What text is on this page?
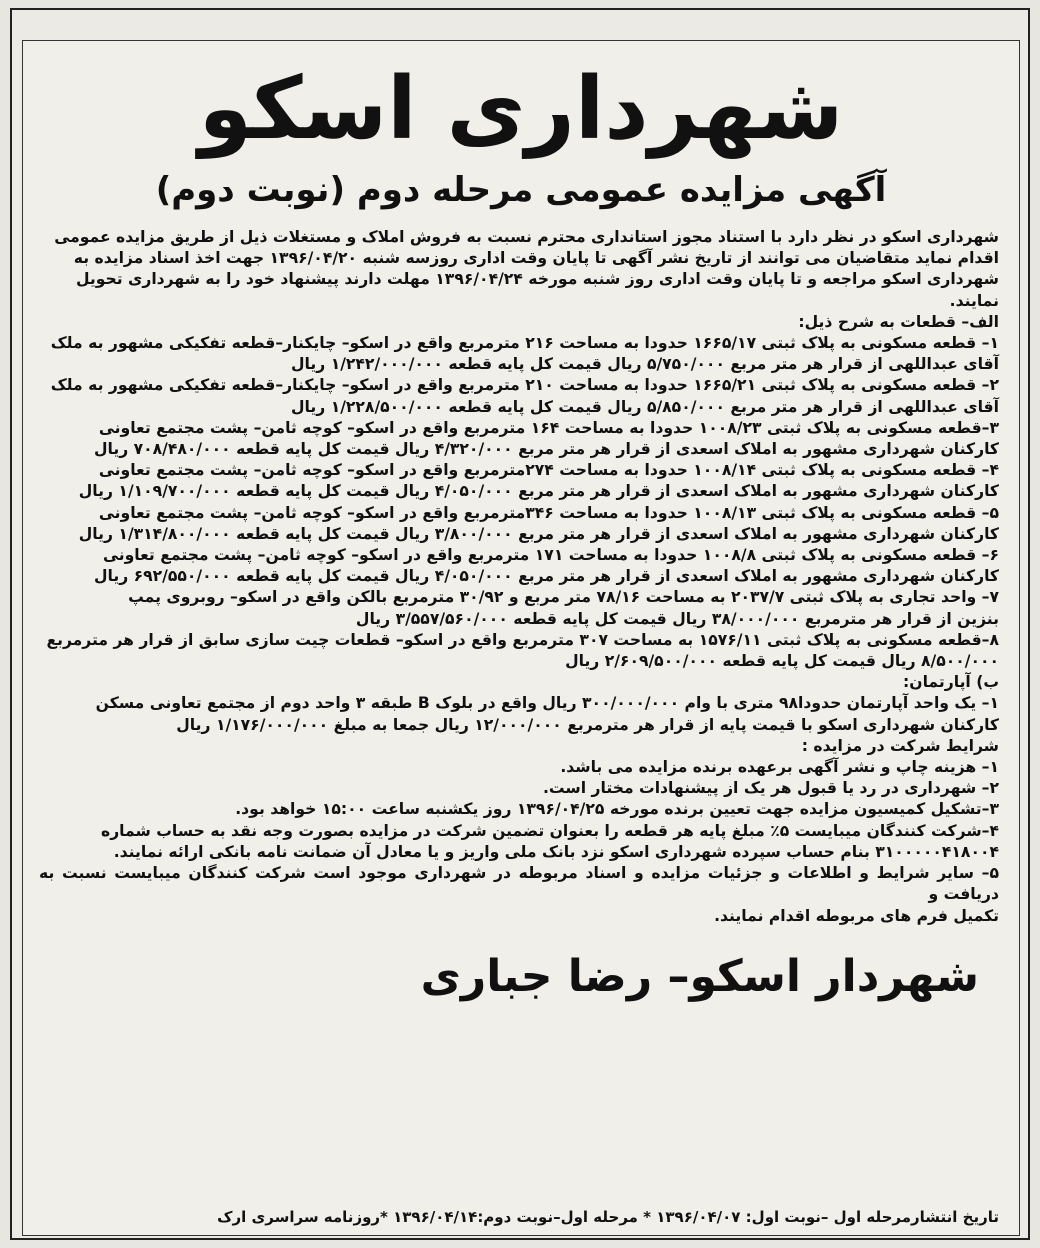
شهرداری اسکو
آگهی مزایده عمومی مرحله دوم (نوبت دوم)

شهرداری اسکو در نظر دارد با استناد مجوز استانداری محترم نسبت به فروش املاک و مستغلات ذیل از طریق مزایده عمومی

اقدام نماید متقاضیان می توانند از تاریخ نشر آگهی تا پایان وقت اداری روزسه شنبه ۱۳۹۶/۰۴/۲۰ جهت اخذ اسناد مزایده به

شهرداری اسکو مراجعه و تا پایان وقت اداری روز شنبه مورخه ۱۳۹۶/۰۴/۲۴ مهلت دارند پیشنهاد خود را به شهرداری تحویل

نمایند.

الف– قطعات به شرح ذیل:

۱– قطعه مسکونی به پلاک ثبتی ۱۶۶۵/۱۷ حدودا به مساحت ۲۱۶ مترمربع واقع در اسکو– چایکنار–قطعه تفکیکی مشهور به ملک

آقای عبداللهی از قرار هر متر مربع ۵/۷۵۰/۰۰۰ ریال قیمت کل پایه قطعه ۱/۲۴۲/۰۰۰/۰۰۰ ریال

۲– قطعه مسکونی به پلاک ثبتی ۱۶۶۵/۲۱ حدودا به مساحت ۲۱۰ مترمربع واقع در اسکو– چایکنار–قطعه تفکیکی مشهور به ملک

آقای عبداللهی از قرار هر متر مربع ۵/۸۵۰/۰۰۰ ریال قیمت کل پایه قطعه ۱/۲۲۸/۵۰۰/۰۰۰ ریال

۳–قطعه مسکونی به پلاک ثبتی ۱۰۰۸/۲۳ حدودا به مساحت ۱۶۴ مترمربع واقع در اسکو– کوچه ثامن– پشت مجتمع تعاونی

کارکنان شهرداری مشهور به املاک اسعدی از قرار هر متر مربع ۴/۳۲۰/۰۰۰ ریال قیمت کل پایه قطعه ۷۰۸/۴۸۰/۰۰۰ ریال

۴– قطعه مسکونی به پلاک ثبتی ۱۰۰۸/۱۴ حدودا به مساحت ۲۷۴مترمربع واقع در اسکو– کوچه ثامن– پشت مجتمع تعاونی

کارکنان شهرداری مشهور به املاک اسعدی از قرار هر متر مربع ۴/۰۵۰/۰۰۰ ریال قیمت کل پایه قطعه ۱/۱۰۹/۷۰۰/۰۰۰ ریال

۵– قطعه مسکونی به پلاک ثبتی ۱۰۰۸/۱۳ حدودا به مساحت ۳۴۶مترمربع واقع در اسکو– کوچه ثامن– پشت مجتمع تعاونی

کارکنان شهرداری مشهور به املاک اسعدی از قرار هر متر مربع ۳/۸۰۰/۰۰۰ ریال قیمت کل پایه قطعه ۱/۳۱۴/۸۰۰/۰۰۰ ریال

۶– قطعه مسکونی به پلاک ثبتی ۱۰۰۸/۸ حدودا به مساحت ۱۷۱ مترمربع واقع در اسکو– کوچه ثامن– پشت مجتمع تعاونی

کارکنان شهرداری مشهور به املاک اسعدی از قرار هر متر مربع ۴/۰۵۰/۰۰۰ ریال قیمت کل پایه قطعه ۶۹۲/۵۵۰/۰۰۰ ریال

۷– واحد تجاری به پلاک ثبتی ۲۰۳۷/۷ به مساحت ۷۸/۱۶ متر مربع و ۳۰/۹۲ مترمربع بالکن واقع در اسکو– روبروی پمپ

بنزین از قرار هر مترمربع ۳۸/۰۰۰/۰۰۰ ریال قیمت کل پایه قطعه ۳/۵۵۷/۵۶۰/۰۰۰ ریال

۸–قطعه مسکونی به پلاک ثبتی ۱۵۷۶/۱۱ به مساحت ۳۰۷ مترمربع واقع در اسکو– قطعات چیت سازی سابق از قرار هر مترمربع

۸/۵۰۰/۰۰۰ ریال قیمت کل پایه قطعه ۲/۶۰۹/۵۰۰/۰۰۰ ریال

ب) آپارتمان:

۱– یک واحد آپارتمان حدودا۹۸ متری با وام ۳۰۰/۰۰۰/۰۰۰ ریال واقع در بلوک B طبقه ۳ واحد دوم از مجتمع تعاونی مسکن

کارکنان شهرداری اسکو با قیمت پایه از قرار هر مترمربع ۱۲/۰۰۰/۰۰۰ ریال جمعا به مبلغ ۱/۱۷۶/۰۰۰/۰۰۰ ریال

شرایط شرکت در مزایده :

۱– هزینه چاپ و نشر آگهی برعهده برنده مزایده می باشد.

۲– شهرداری در رد یا قبول هر یک از پیشنهادات مختار است.

۳–تشکیل کمیسیون مزایده جهت تعیین برنده مورخه ۱۳۹۶/۰۴/۲۵ روز یکشنبه ساعت ۱۵:۰۰ خواهد بود.

۴–شرکت کنندگان میبایست ۵٪ مبلغ پایه هر قطعه را بعنوان تضمین شرکت در مزایده بصورت وجه نقد به حساب شماره

۳۱۰۰۰۰۰۴۱۸۰۰۴ بنام حساب سپرده شهرداری اسکو نزد بانک ملی واریز و یا معادل آن ضمانت نامه بانکی ارائه نمایند.

۵– سایر شرایط و اطلاعات و جزئیات مزایده و اسناد مربوطه در شهرداری موجود است شرکت کنندگان میبایست نسبت به دریافت و

تکمیل فرم های مربوطه اقدام نمایند.

شهردار اسکو– رضا جباری
تاریخ انتشارمرحله اول –نوبت اول: ۱۳۹۶/۰۴/۰۷ * مرحله اول–نوبت دوم:۱۳۹۶/۰۴/۱۴ *روزنامه سراسری ارک
